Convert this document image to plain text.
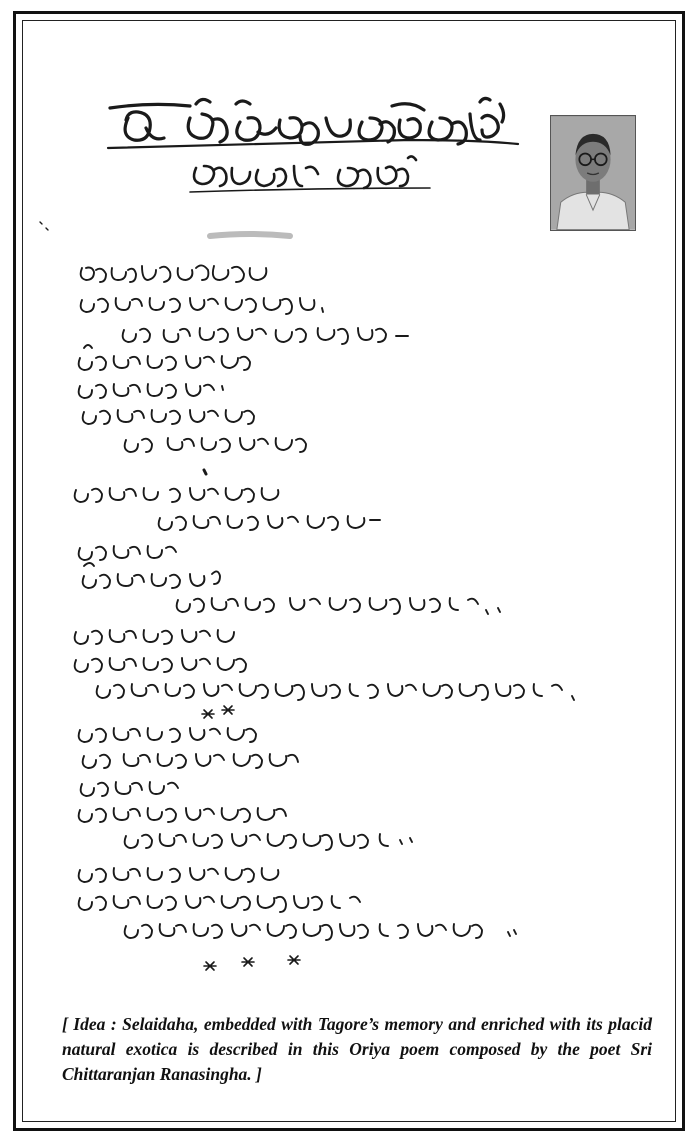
[ Idea : Selaidaha, embedded with Tagore’s memory and enriched with its placid natural exotica is described in this Oriya poem composed by the poet Sri Chittaranjan Ranasingha. ]
